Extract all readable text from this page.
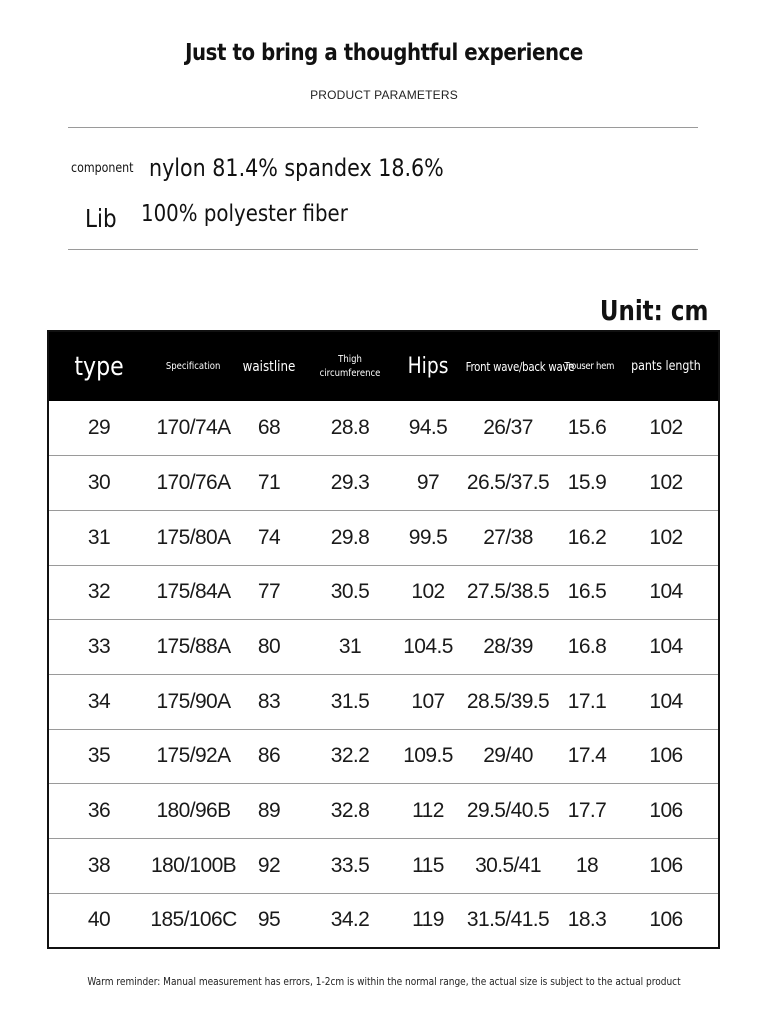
Just to bring a thoughtful experience
PRODUCT PARAMETERS
component nylon 81.4% spandex 18.6%
Lib 100% polyester fiber
Unit: cm
type	Specification	waistline	Thigh circumference	Hips	Front wave/back wave	Trouser hem	pants length
29	170/74A	68	28.8	94.5	26/37	15.6	102
30	170/76A	71	29.3	97	26.5/37.5	15.9	102
31	175/80A	74	29.8	99.5	27/38	16.2	102
32	175/84A	77	30.5	102	27.5/38.5	16.5	104
33	175/88A	80	31	104.5	28/39	16.8	104
34	175/90A	83	31.5	107	28.5/39.5	17.1	104
35	175/92A	86	32.2	109.5	29/40	17.4	106
36	180/96B	89	32.8	112	29.5/40.5	17.7	106
38	180/100B	92	33.5	115	30.5/41	18	106
40	185/106C	95	34.2	119	31.5/41.5	18.3	106
Warm reminder: Manual measurement has errors, 1-2cm is within the normal range, the actual size is subject to the actual product
